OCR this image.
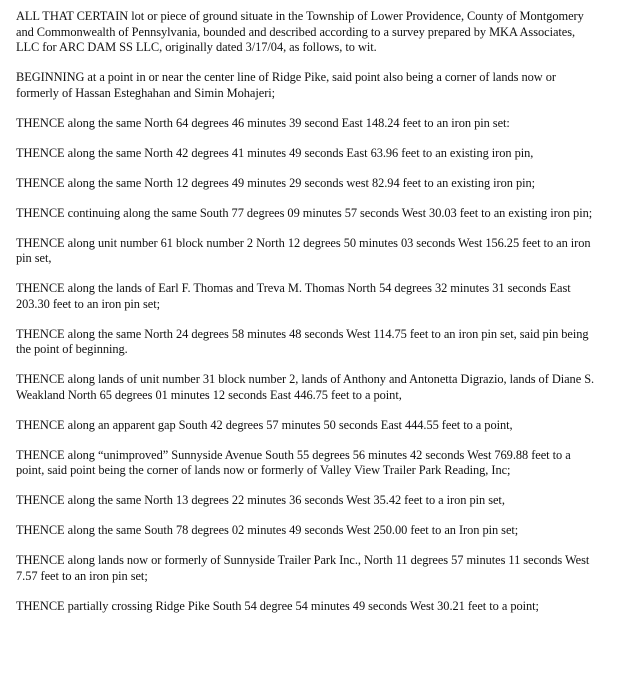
ALL THAT CERTAIN lot or piece of ground situate in the Township of Lower Providence, County of Montgomery and Commonwealth of Pennsylvania, bounded and described according to a survey prepared by MKA Associates, LLC for ARC DAM SS LLC, originally dated 3/17/04, as follows, to wit.

BEGINNING at a point in or near the center line of Ridge Pike, said point also being a corner of lands now or formerly of Hassan Esteghahan and Simin Mohajeri;

THENCE along the same North 64 degrees 46 minutes 39 second East 148.24 feet to an iron pin set:

THENCE along the same North 42 degrees 41 minutes 49 seconds East 63.96 feet to an existing iron pin,

THENCE along the same North 12 degrees 49 minutes 29 seconds west 82.94 feet to an existing iron pin;

THENCE continuing along the same South 77 degrees 09 minutes 57 seconds West 30.03 feet to an existing iron pin;

THENCE along unit number 61 block number 2 North 12 degrees 50 minutes 03 seconds West 156.25 feet to an iron pin set,

THENCE along the lands of Earl F. Thomas and Treva M. Thomas North 54 degrees 32 minutes 31 seconds East 203.30 feet to an iron pin set;

THENCE along the same North 24 degrees 58 minutes 48 seconds West 114.75 feet to an iron pin set, said pin being the point of beginning.

THENCE along lands of unit number 31 block number 2, lands of Anthony and Antonetta Digrazio, lands of Diane S. Weakland North 65 degrees 01 minutes 12 seconds East 446.75 feet to a point,

THENCE along an apparent gap South 42 degrees 57 minutes 50 seconds East 444.55 feet to a point,

THENCE along “unimproved” Sunnyside Avenue South 55 degrees 56 minutes 42 seconds West 769.88 feet to a point, said point being the corner of lands now or formerly of Valley View Trailer Park Reading, Inc;

THENCE along the same North 13 degrees 22 minutes 36 seconds West 35.42 feet to a iron pin set,

THENCE along the same South 78 degrees 02 minutes 49 seconds West 250.00 feet to an Iron pin set;

THENCE along lands now or formerly of Sunnyside Trailer Park Inc., North 11 degrees 57 minutes 11 seconds West 7.57 feet to an iron pin set;

THENCE partially crossing Ridge Pike South 54 degree 54 minutes 49 seconds West 30.21 feet to a point;
